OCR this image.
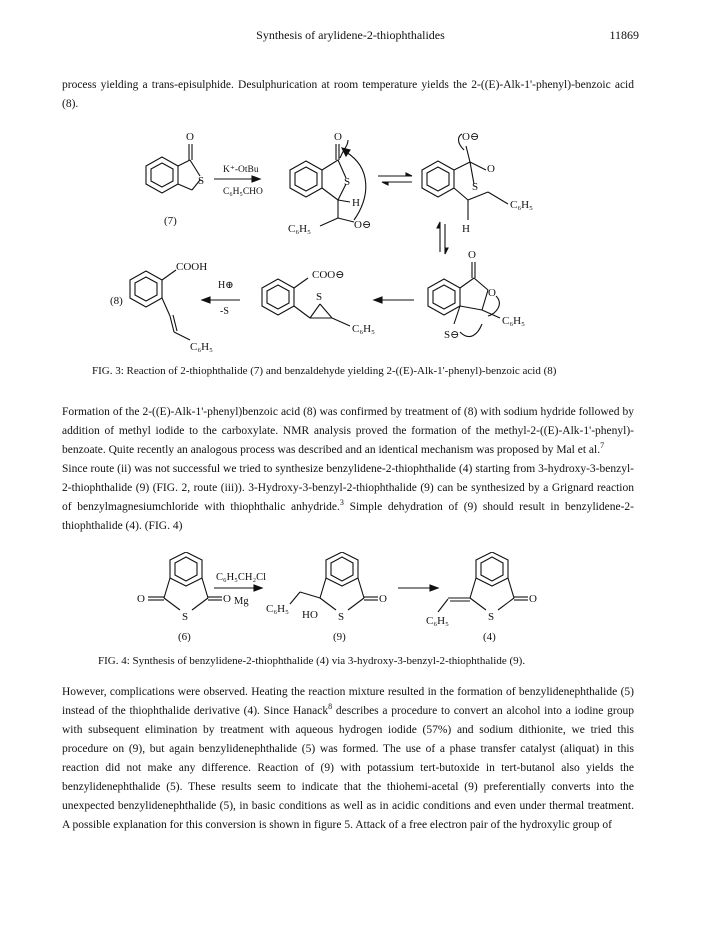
Synthesis of arylidene-2-thiophthalides	11869

process yielding a trans-episulphide. Desulphurication at room temperature yields the 2-((E)-Alk-1'-phenyl)-benzoic acid (8).

O
S
(7)
K⁺-OtBu
C₆H₅CHO
O
S
H
O⊖
C₆H₅
O⊖
O
S
C₆H₅
H
O
O
C₆H₅
S⊖
COO⊖
S
C₆H₅
H⊕
-S
COOH
(8)
C₆H₅
FIG. 3: Reaction of 2-thiophthalide (7) and benzaldehyde yielding 2-((E)-Alk-1'-phenyl)-benzoic acid (8)

Formation of the 2-((E)-Alk-1'-phenyl)benzoic acid (8) was confirmed by treatment of (8) with sodium hydride followed by addition of methyl iodide to the carboxylate. NMR analysis proved the formation of the methyl-2-((E)-Alk-1'-phenyl)-benzoate. Quite recently an analogous process was described and an identical mechanism was proposed by Mal et al.$^7$

Since route (ii) was not successful we tried to synthesize benzylidene-2-thiophthalide (4) starting from 3-hydroxy-3-benzyl-2-thiophthalide (9) (FIG. 2, route (iii)). 3-Hydroxy-3-benzyl-2-thiophthalide (9) can be synthesized by a Grignard reaction of benzylmagnesiumchloride with thiophthalic anhydride.$^3$ Simple dehydration of (9) should result in benzylidene-2-thiophthalide (4). (FIG. 4)

O	O
S
(6)
C₆H₅CH₂Cl
Mg
C₆H₅ HO S
O
(9)
C₆H₅	S
O
(4)
FIG. 4: Synthesis of benzylidene-2-thiophthalide (4) via 3-hydroxy-3-benzyl-2-thiophthalide (9).

However, complications were observed. Heating the reaction mixture resulted in the formation of benzylidenephthalide (5) instead of the thiophthalide derivative (4). Since Hanack$^8$ describes a procedure to convert an alcohol into a iodine group with subsequent elimination by treatment with aqueous hydrogen iodide (57%) and sodium dithionite, we tried this procedure on (9), but again benzylidenephthalide (5) was formed. The use of a phase transfer catalyst (aliquat) in this reaction did not make any difference. Reaction of (9) with potassium tert-butoxide in tert-butanol also yields the benzylidenephthalide (5). These results seem to indicate that the thiohemi-acetal (9) preferentially converts into the unexpected benzylidenephthalide (5), in basic conditions as well as in acidic conditions and even under thermal treatment. A possible explanation for this conversion is shown in figure 5. Attack of a free electron pair of the hydroxylic group of
